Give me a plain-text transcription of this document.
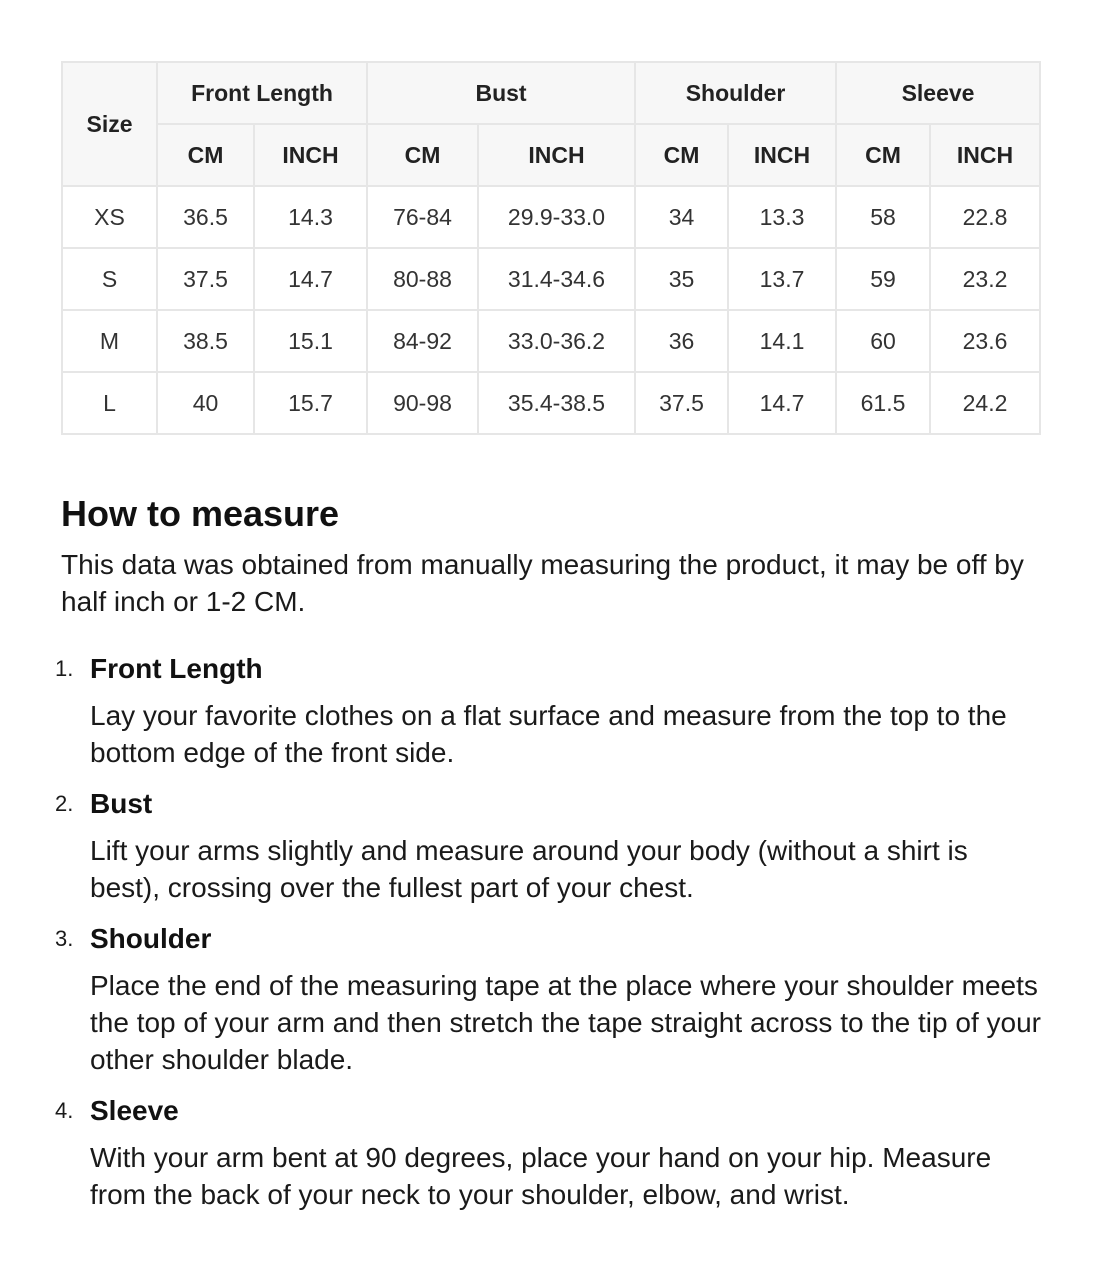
Size	Front Length		Bust		Shoulder		Sleeve	
	CM	INCH	CM	INCH	CM	INCH	CM	INCH
XS	36.5	14.3	76-84	29.9-33.0	34	13.3	58	22.8
S	37.5	14.7	80-88	31.4-34.6	35	13.7	59	23.2
M	38.5	15.1	84-92	33.0-36.2	36	14.1	60	23.6
L	40	15.7	90-98	35.4-38.5	37.5	14.7	61.5	24.2
How to measure

This data was obtained from manually measuring the product, it may be off by half inch or 1-2 CM.

1. Front Length

Lay your favorite clothes on a flat surface and measure from the top to the bottom edge of the front side.

2. Bust

Lift your arms slightly and measure around your body (without a shirt is best), crossing over the fullest part of your chest.

3. Shoulder

Place the end of the measuring tape at the place where your shoulder meets the top of your arm and then stretch the tape straight across to the tip of your other shoulder blade.

4. Sleeve

With your arm bent at 90 degrees, place your hand on your hip. Measure from the back of your neck to your shoulder, elbow, and wrist.
